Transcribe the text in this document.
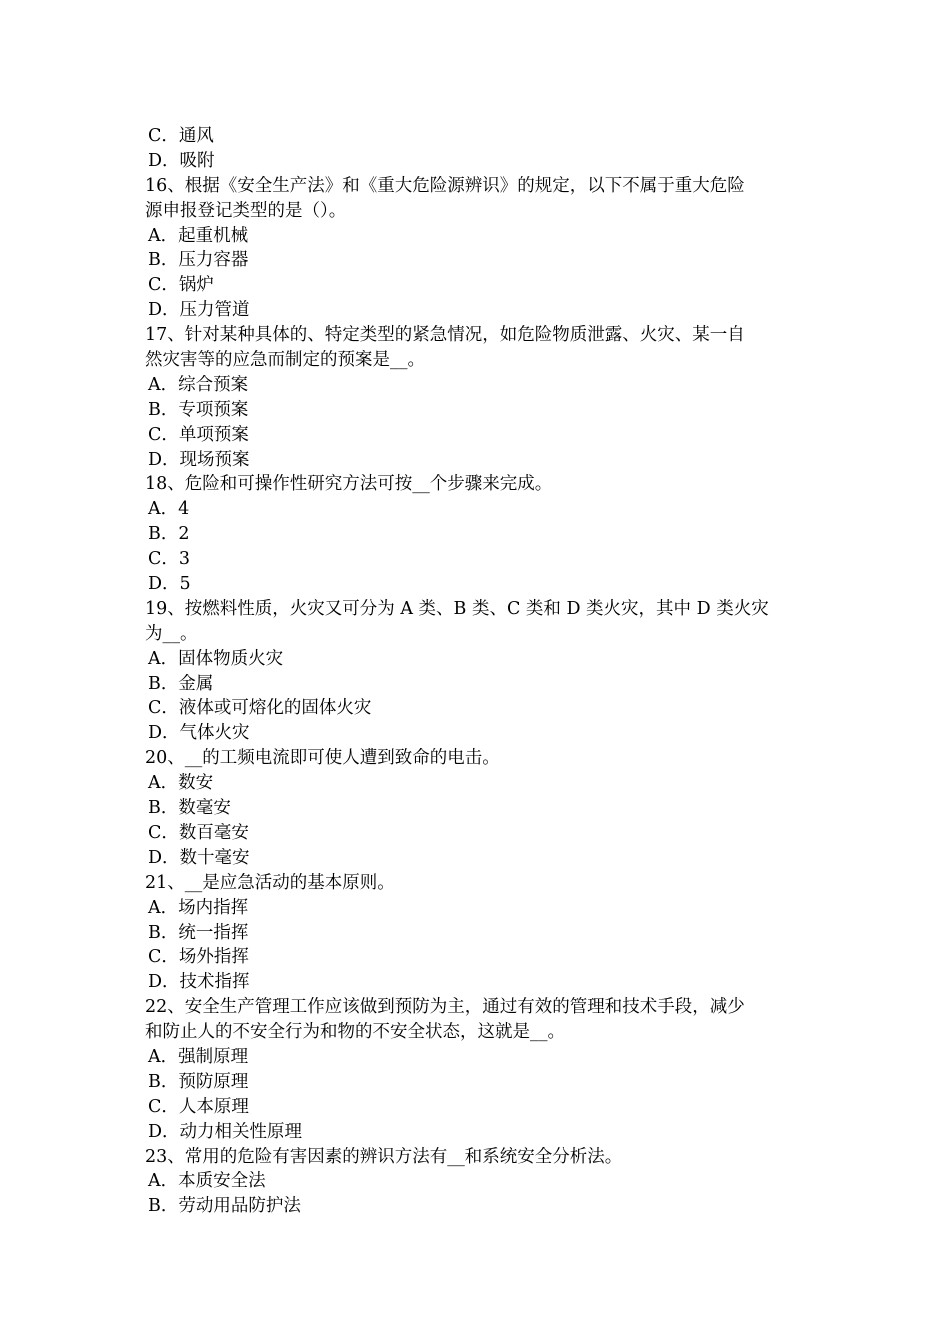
C．通风
D．吸附
16、根据《安全生产法》和《重大危险源辨识》的规定，以下不属于重大危险
源申报登记类型的是（）。
A．起重机械
B．压力容器
C．锅炉
D．压力管道
17、针对某种具体的、特定类型的紧急情况，如危险物质泄露、火灾、某一自
然灾害等的应急而制定的预案是__。
A．综合预案
B．专项预案
C．单项预案
D．现场预案
18、危险和可操作性研究方法可按__个步骤来完成。
A．4
B．2
C．3
D．5
19、按燃料性质，火灾又可分为 A 类、B 类、C 类和 D 类火灾，其中 D 类火灾
为__。
A．固体物质火灾
B．金属
C．液体或可熔化的固体火灾
D．气体火灾
20、__的工频电流即可使人遭到致命的电击。
A．数安
B．数毫安
C．数百毫安
D．数十毫安
21、__是应急活动的基本原则。
A．场内指挥
B．统一指挥
C．场外指挥
D．技术指挥
22、安全生产管理工作应该做到预防为主，通过有效的管理和技术手段，减少
和防止人的不安全行为和物的不安全状态，这就是__。
A．强制原理
B．预防原理
C．人本原理
D．动力相关性原理
23、常用的危险有害因素的辨识方法有__和系统安全分析法。
A．本质安全法
B．劳动用品防护法
